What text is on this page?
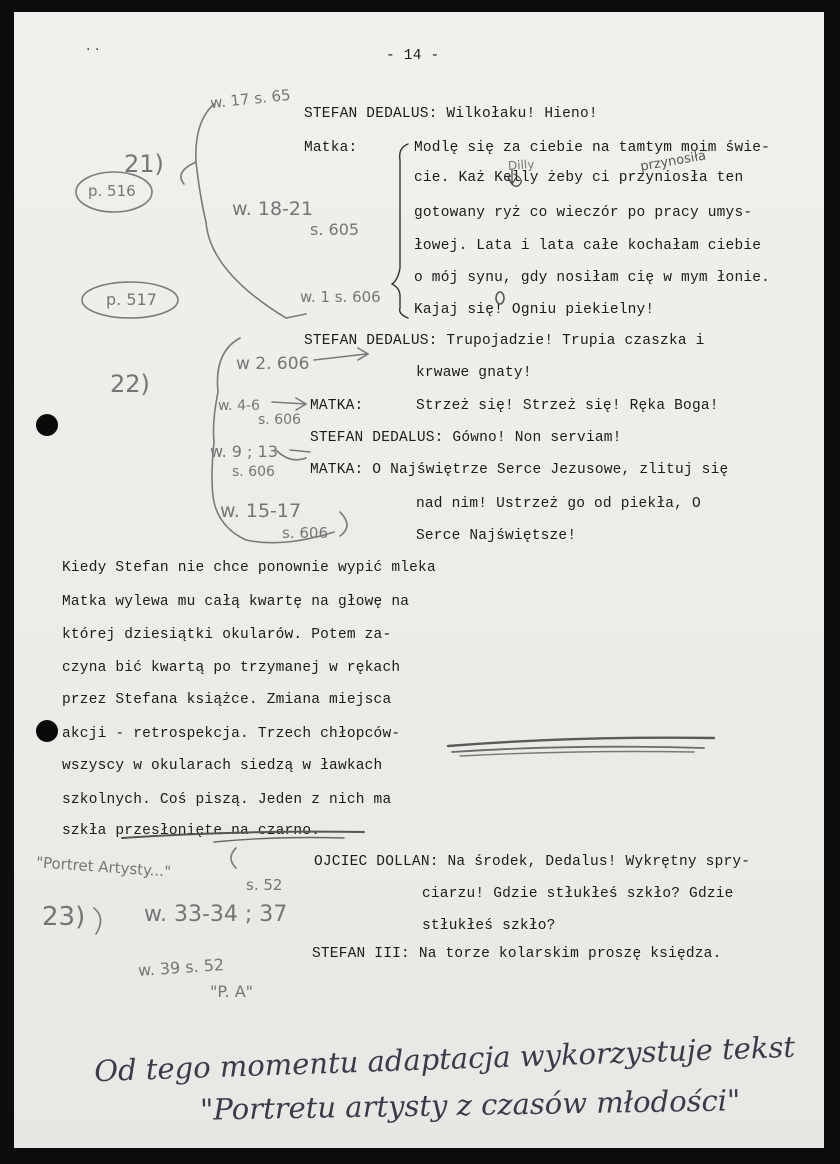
· ·	- 14 -
STEFAN DEDALUS: Wilkołaku! Hieno!
Matka:	Modlę się za ciebie na tamtym moim świe-
cie. Każ Kelly żeby ci przyniosła ten
gotowany ryż co wieczór po pracy umys-
łowej. Lata i lata całe kochałam ciebie
o mój synu, gdy nosiłam cię w mym łonie.
Kajaj się! Ogniu piekielny!
STEFAN DEDALUS: Trupojadzie! Trupia czaszka i
krwawe gnaty!
MATKA:	Strzeż się! Strzeż się! Ręka Boga!
STEFAN DEDALUS: Gówno! Non serviam!
MATKA: O Najświętrze Serce Jezusowe, zlituj się
nad nim! Ustrzeż go od piekła, O
Serce Najświętsze!
Kiedy Stefan nie chce ponownie wypić mleka
Matka wylewa mu całą kwartę na głowę na
której dziesiątki okularów. Potem za-
czyna bić kwartą po trzymanej w rękach
przez Stefana książce. Zmiana miejsca
akcji - retrospekcja. Trzech chłopców-
wszyscy w okularach siedzą w ławkach
szkolnych. Coś piszą. Jeden z nich ma
szkła przesłonięte na czarno.
OJCIEC DOLLAN: Na środek, Dedalus! Wykrętny spry-
ciarzu! Gdzie stłukłeś szkło? Gdzie
stłukłeś szkło?
STEFAN III: Na torze kolarskim proszę księdza.
21)
p. 516
p. 517
w. 17 s. 65
w. 18-21
s. 605
w. 1 s. 606
22)
w 2. 606
w. 4-6
s. 606
w. 9 ; 13
s. 606
w. 15-17
s. 606
Dilly	przynosiła
"Portret Artysty..."
23)
s. 52
w. 33-34 ; 37
w. 39 s. 52
"P. A"
Od tego momentu adaptacja wykorzystuje tekst
"Portretu artysty z czasów młodości"
